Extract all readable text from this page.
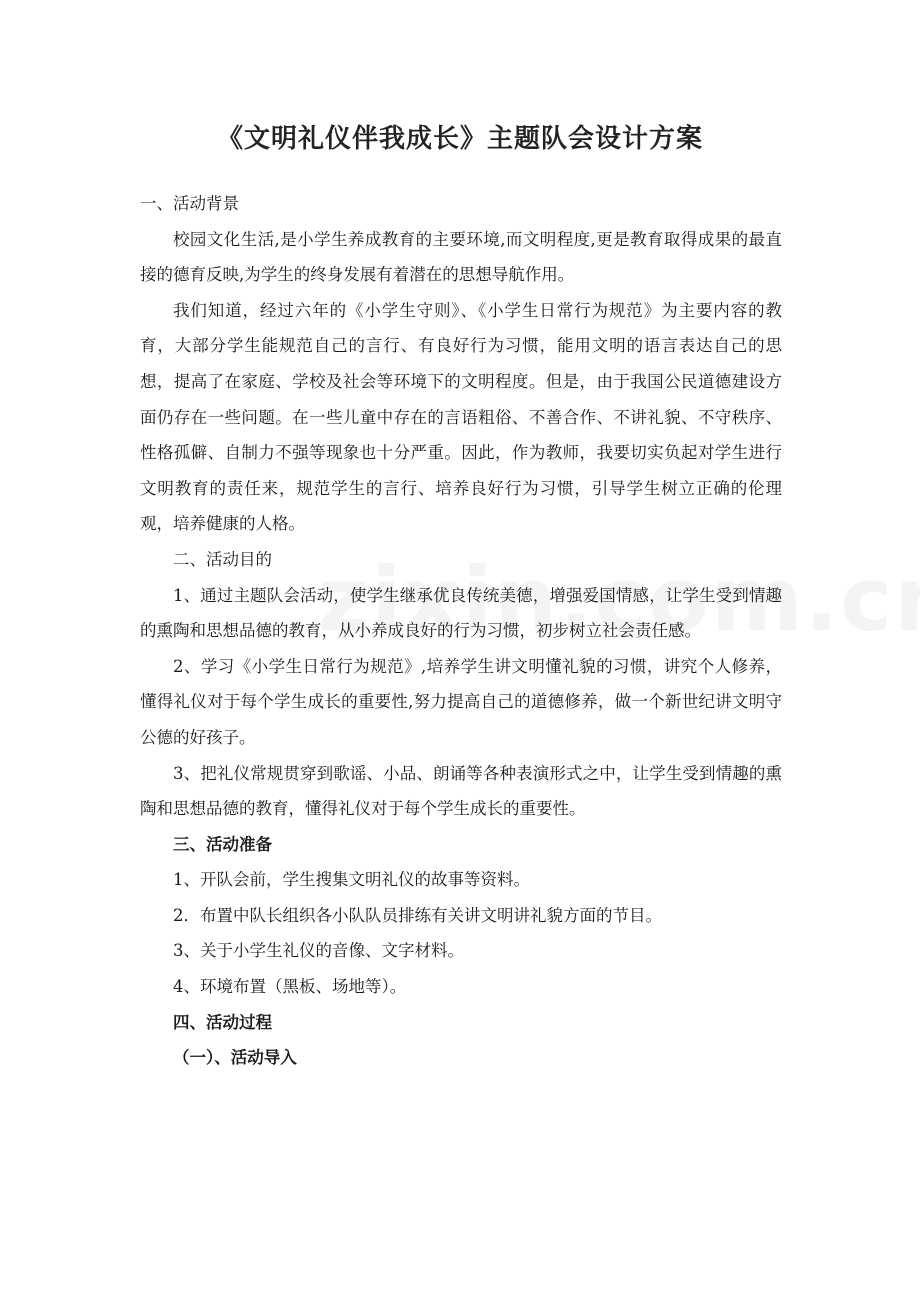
《文明礼仪伴我成长》主题队会设计方案

一、活动背景

校园文化生活,是小学生养成教育的主要环境,而文明程度,更是教育取得成果的最直接的德育反映,为学生的终身发展有着潜在的思想导航作用。

我们知道，经过六年的《小学生守则》、《小学生日常行为规范》为主要内容的教育，大部分学生能规范自己的言行、有良好行为习惯，能用文明的语言表达自己的思想，提高了在家庭、学校及社会等环境下的文明程度。但是，由于我国公民道德建设方面仍存在一些问题。在一些儿童中存在的言语粗俗、不善合作、不讲礼貌、不守秩序、性格孤僻、自制力不强等现象也十分严重。因此，作为教师，我要切实负起对学生进行文明教育的责任来，规范学生的言行、培养良好行为习惯，引导学生树立正确的伦理观，培养健康的人格。

二、活动目的

1、通过主题队会活动，使学生继承优良传统美德，增强爱国情感，让学生受到情趣的熏陶和思想品德的教育，从小养成良好的行为习惯，初步树立社会责任感。

2、学习《小学生日常行为规范》,培养学生讲文明懂礼貌的习惯，讲究个人修养，懂得礼仪对于每个学生成长的重要性,努力提高自己的道德修养，做一个新世纪讲文明守公德的好孩子。

3、把礼仪常规贯穿到歌谣、小品、朗诵等各种表演形式之中，让学生受到情趣的熏陶和思想品德的教育，懂得礼仪对于每个学生成长的重要性。

三、活动准备

1、开队会前，学生搜集文明礼仪的故事等资料。

2．布置中队长组织各小队队员排练有关讲文明讲礼貌方面的节目。

3、关于小学生礼仪的音像、文字材料。

4、环境布置（黑板、场地等）。

四、活动过程

（一）、活动导入
